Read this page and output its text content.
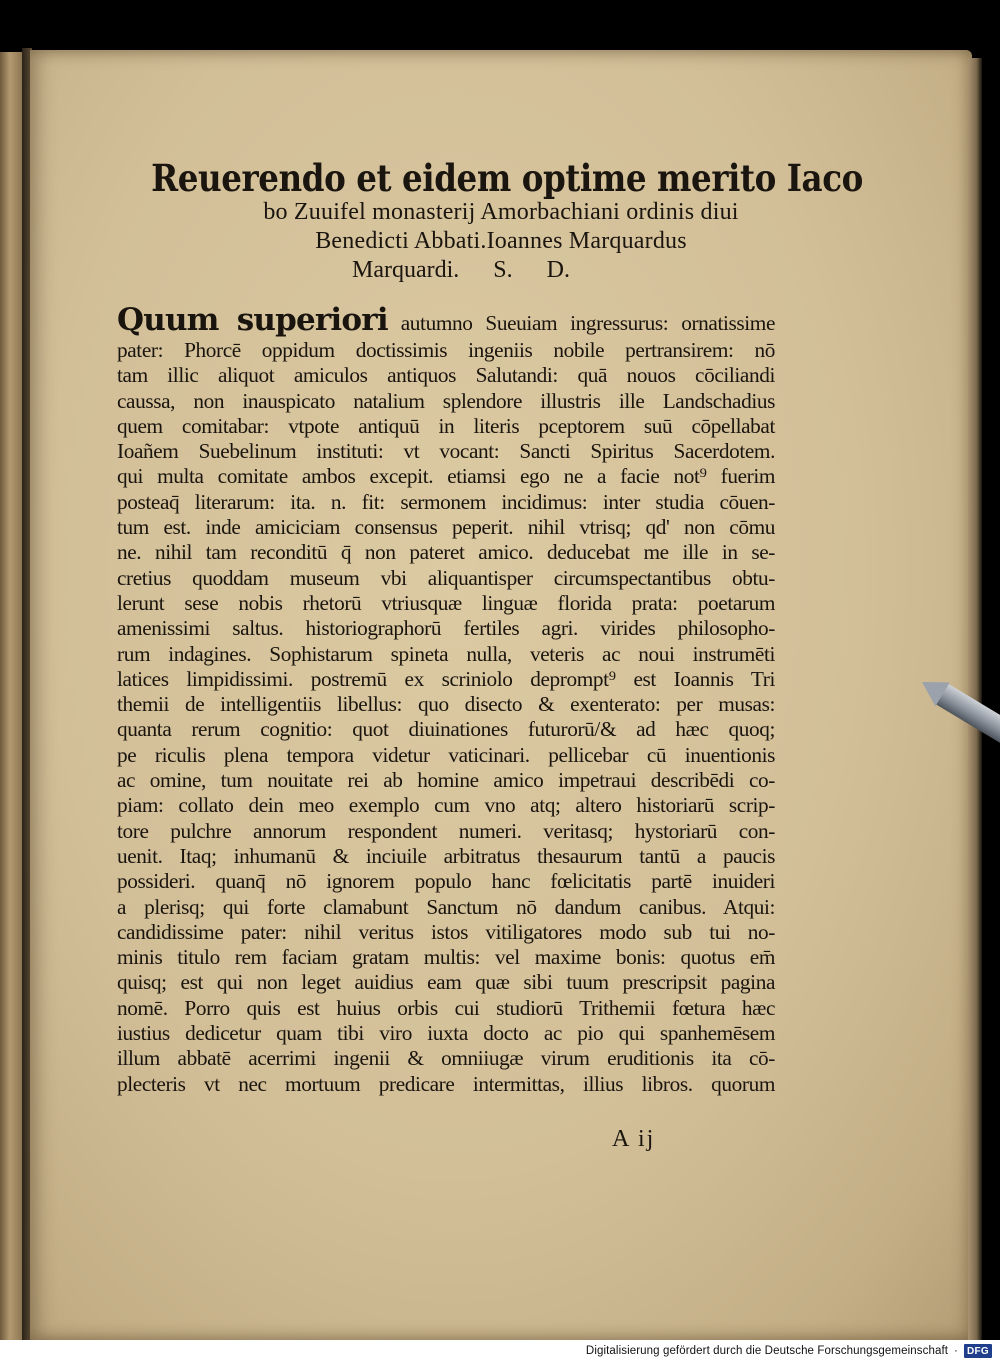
Reuerendo et eidem optime merito Iaco
bo Zuuifel monasterij Amorbachiani ordinis diui
Benedicti Abbati.Ioannes Marquardus
Marquardi. S. D.
Quum superiori autumno Sueuiam ingressurus: ornatissime
pater: Phorcē oppidum doctissimis ingeniis nobile pertransirem: nō
tam illic aliquot amiculos antiquos Salutandi: quā nouos cōciliandi
caussa, non inauspicato natalium splendore illustris ille Landschadius
quem comitabar: vtpote antiquū in literis pceptorem suū cōpellabat
Ioañem Suebelinum instituti: vt vocant: Sancti Spiritus Sacerdotem.
qui multa comitate ambos excepit. etiamsi ego ne a facie not⁹ fuerim
posteaq̄ literarum: ita. n. fit: sermonem incidimus: inter studia cōuen-
tum est. inde amiciciam consensus peperit. nihil vtrisq; qd' non cōmu
ne. nihil tam reconditū q̄ non pateret amico. deducebat me ille in se-
cretius quoddam museum vbi aliquantisper circumspectantibus obtu-
lerunt sese nobis rhetorū vtriusquæ linguæ florida prata: poetarum
amenissimi saltus. historiographorū fertiles agri. virides philosopho-
rum indagines. Sophistarum spineta nulla, veteris ac noui instrumēti
latices limpidissimi. postremū ex scriniolo deprompt⁹ est Ioannis Tri
themii de intelligentiis libellus: quo disecto & exenterato: per musas:
quanta rerum cognitio: quot diuinationes futurorū/& ad hæc quoq;
pe riculis plena tempora videtur vaticinari. pellicebar cū inuentionis
ac omine, tum nouitate rei ab homine amico impetraui describēdi co-
piam: collato dein meo exemplo cum vno atq; altero historiarū scrip-
tore pulchre annorum respondent numeri. veritasq; hystoriarū con-
uenit. Itaq; inhumanū & inciuile arbitratus thesaurum tantū a paucis
possideri. quanq̄ nō ignorem populo hanc fœlicitatis partē inuideri
a plerisq; qui forte clamabunt Sanctum nō dandum canibus. Atqui:
candidissime pater: nihil veritus istos vitiligatores modo sub tui no-
minis titulo rem faciam gratam multis: vel maxime bonis: quotus em̄
quisq; est qui non leget auidius eam quæ sibi tuum prescripsit pagina
nomē. Porro quis est huius orbis cui studiorū Trithemii fœtura hæc
iustius dedicetur quam tibi viro iuxta docto ac pio qui spanhemēsem
illum abbatē acerrimi ingenii & omniiugæ virum eruditionis ita cō-
plecteris vt nec mortuum predicare intermittas, illius libros. quorum
A ij
Digitalisierung gefördert durch die Deutsche Forschungsgemeinschaft · DFG
